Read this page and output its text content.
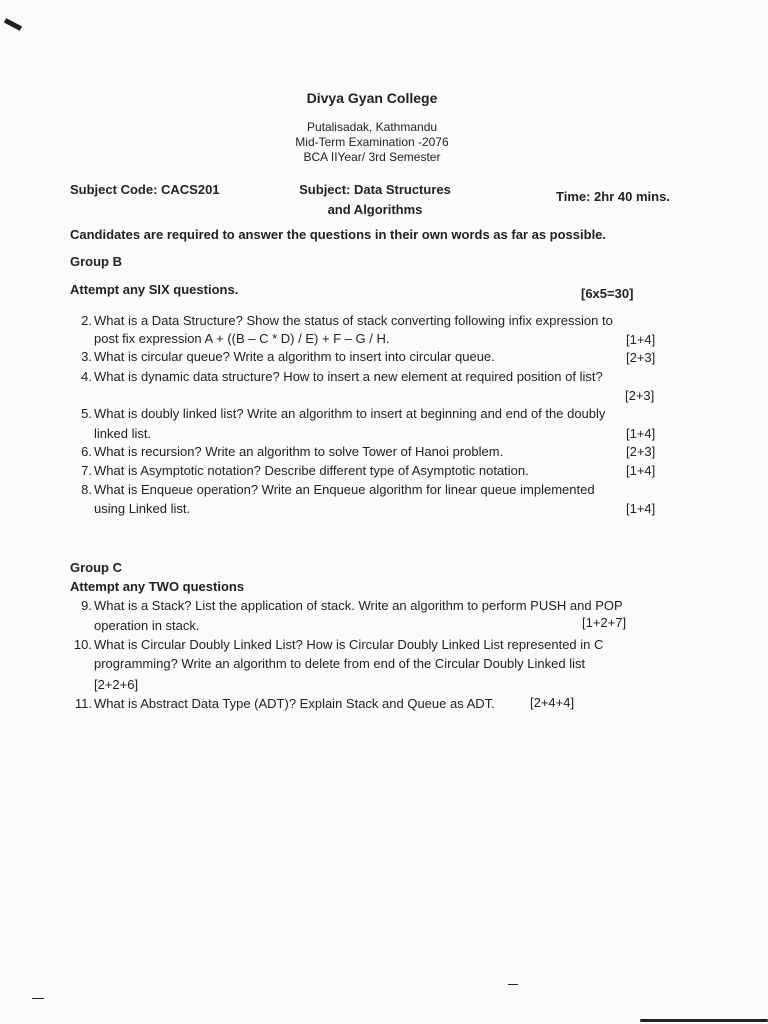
Divya Gyan College
Putalisadak, Kathmandu
Mid-Term Examination -2076
BCA IIYear/ 3rd Semester
Subject Code: CACS201	Subject: Data Structures
and Algorithms
Time: 2hr 40 mins.
Candidates are required to answer the questions in their own words as far as possible.
Group B
Attempt any SIX questions.	[6x5=30]
2. What is a Data Structure? Show the status of stack converting following infix expression to
post fix expression A + ((B – C * D) / E) + F – G / H.	[1+4]
3. What is circular queue? Write a algorithm to insert into circular queue.	[2+3]
4. What is dynamic data structure? How to insert a new element at required position of list?
[2+3]
5. What is doubly linked list? Write an algorithm to insert at beginning and end of the doubly
linked list.	[1+4]
6. What is recursion? Write an algorithm to solve Tower of Hanoi problem.	[2+3]
7. What is Asymptotic notation? Describe different type of Asymptotic notation.	[1+4]
8. What is Enqueue operation? Write an Enqueue algorithm for linear queue implemented
using Linked list.	[1+4]
Group C
Attempt any TWO questions
9. What is a Stack? List the application of stack. Write an algorithm to perform PUSH and POP
operation in stack.	[1+2+7]
10. What is Circular Doubly Linked List? How is Circular Doubly Linked List represented in C
programming? Write an algorithm to delete from end of the Circular Doubly Linked list
[2+2+6]
11. What is Abstract Data Type (ADT)? Explain Stack and Queue as ADT.	[2+4+4]
